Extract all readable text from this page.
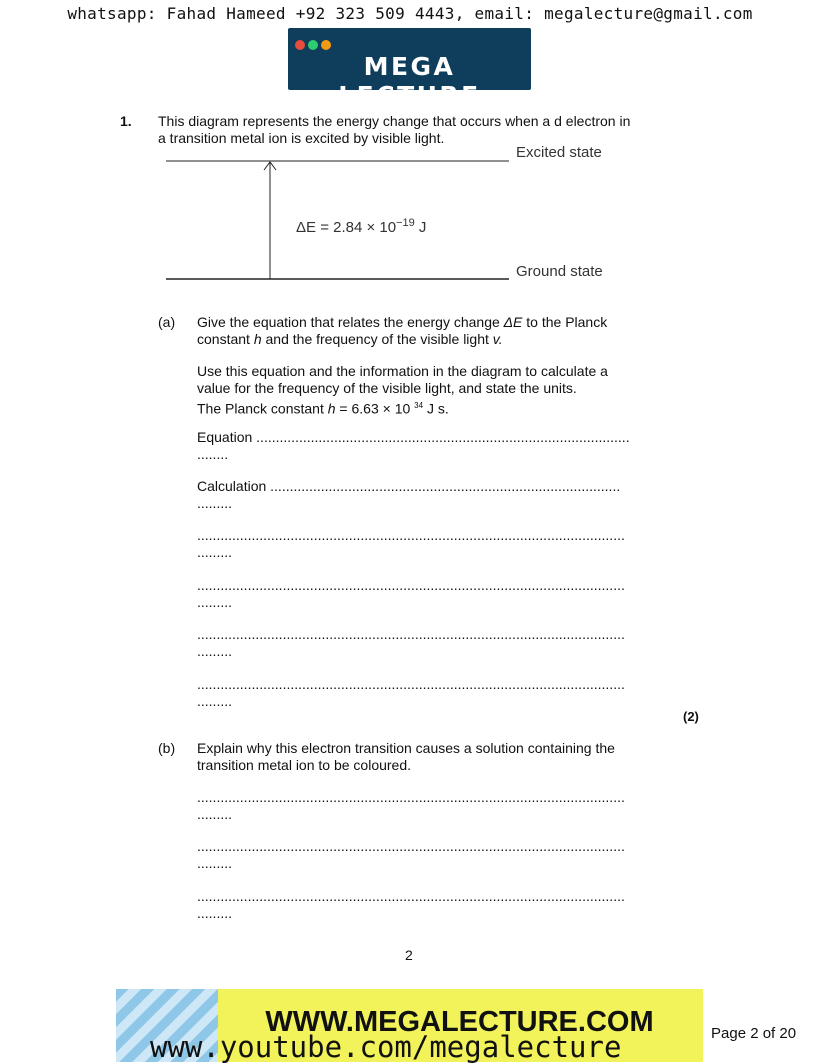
whatsapp: Fahad Hameed +92 323 509 4443, email: megalecture@gmail.com
MEGA LECTURE
1. This diagram represents the energy change that occurs when a d electron in
a transition metal ion is excited by visible light.
Excited state
Ground state
$\Delta E = 2.84 \times 10^{-19}$ J
(a) Give the equation that relates the energy change ΔE to the Planck
constant h and the frequency of the visible light v.
Use this equation and the information in the diagram to calculate a
value for the frequency of the visible light, and state the units.
The Planck constant h = 6.63 × 10 $^{34}$ J s.
Equation ................................................................................................
........
Calculation ..........................................................................................
.........
..............................................................................................................
.........
..............................................................................................................
.........
..............................................................................................................
.........
..............................................................................................................
.........
(2)
(b) Explain why this electron transition causes a solution containing the
transition metal ion to be coloured.
..............................................................................................................
.........
..............................................................................................................
.........
..............................................................................................................
.........
2
WWW.MEGALECTURE.COM
www.youtube.com/megalecture	Page 2 of 20
